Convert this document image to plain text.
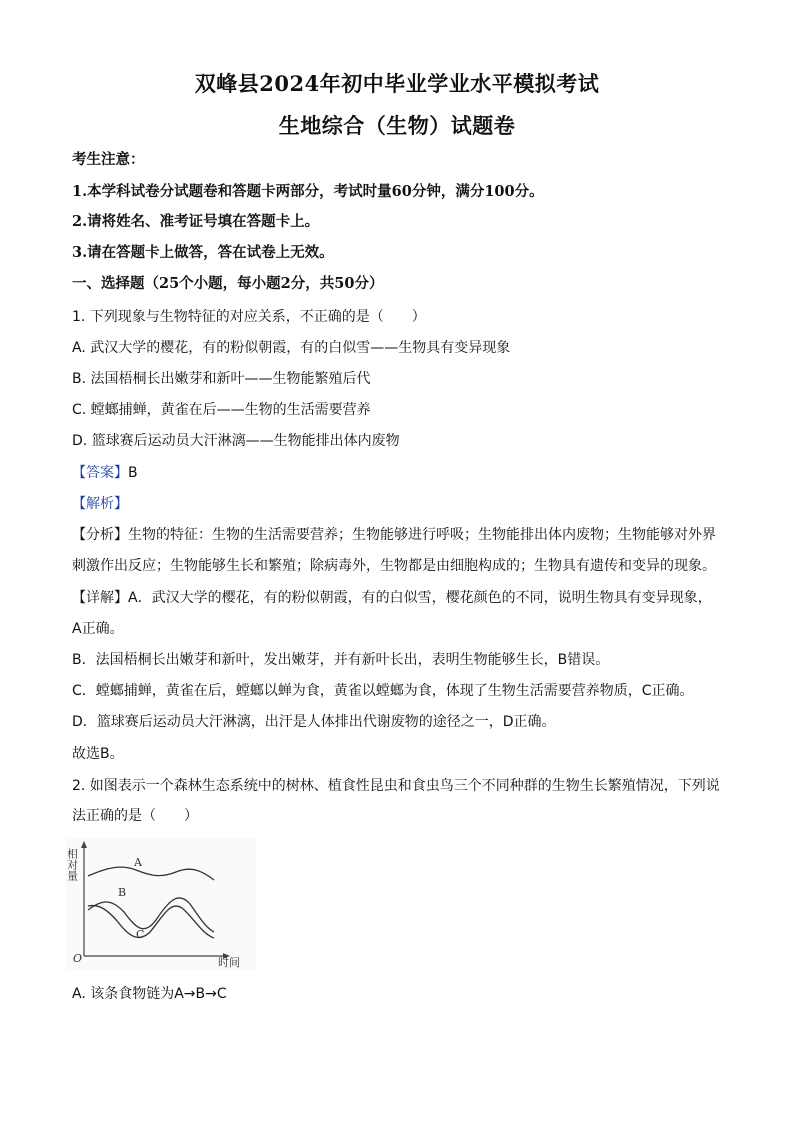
双峰县2024年初中毕业学业水平模拟考试
生地综合（生物）试题卷
考生注意：
1.本学科试卷分试题卷和答题卡两部分，考试时量60分钟，满分100分。
2.请将姓名、准考证号填在答题卡上。
3.请在答题卡上做答，答在试卷上无效。
一、选择题（25个小题，每小题2分，共50分）
1. 下列现象与生物特征的对应关系，不正确的是（　　）
A. 武汉大学的樱花，有的粉似朝霞，有的白似雪——生物具有变异现象
B. 法国梧桐长出嫩芽和新叶——生物能繁殖后代
C. 螳螂捕蝉，黄雀在后——生物的生活需要营养
D. 篮球赛后运动员大汗淋漓——生物能排出体内废物
【答案】B
【解析】
【分析】生物的特征：生物的生活需要营养；生物能够进行呼吸；生物能排出体内废物；生物能够对外界
刺激作出反应；生物能够生长和繁殖；除病毒外，生物都是由细胞构成的；生物具有遗传和变异的现象。
【详解】A．武汉大学的樱花，有的粉似朝霞，有的白似雪，樱花颜色的不同，说明生物具有变异现象，
A正确。
B．法国梧桐长出嫩芽和新叶，发出嫩芽，并有新叶长出，表明生物能够生长，B错误。
C．螳螂捕蝉，黄雀在后，螳螂以蝉为食，黄雀以螳螂为食，体现了生物生活需要营养物质，C正确。
D．篮球赛后运动员大汗淋漓，出汗是人体排出代谢废物的途径之一，D正确。
故选B。
2. 如图表示一个森林生态系统中的树林、植食性昆虫和食虫鸟三个不同种群的生物生长繁殖情况，下列说
法正确的是（　　）
相对量
时间
O
A
B
C
A. 该条食物链为A→B→C
